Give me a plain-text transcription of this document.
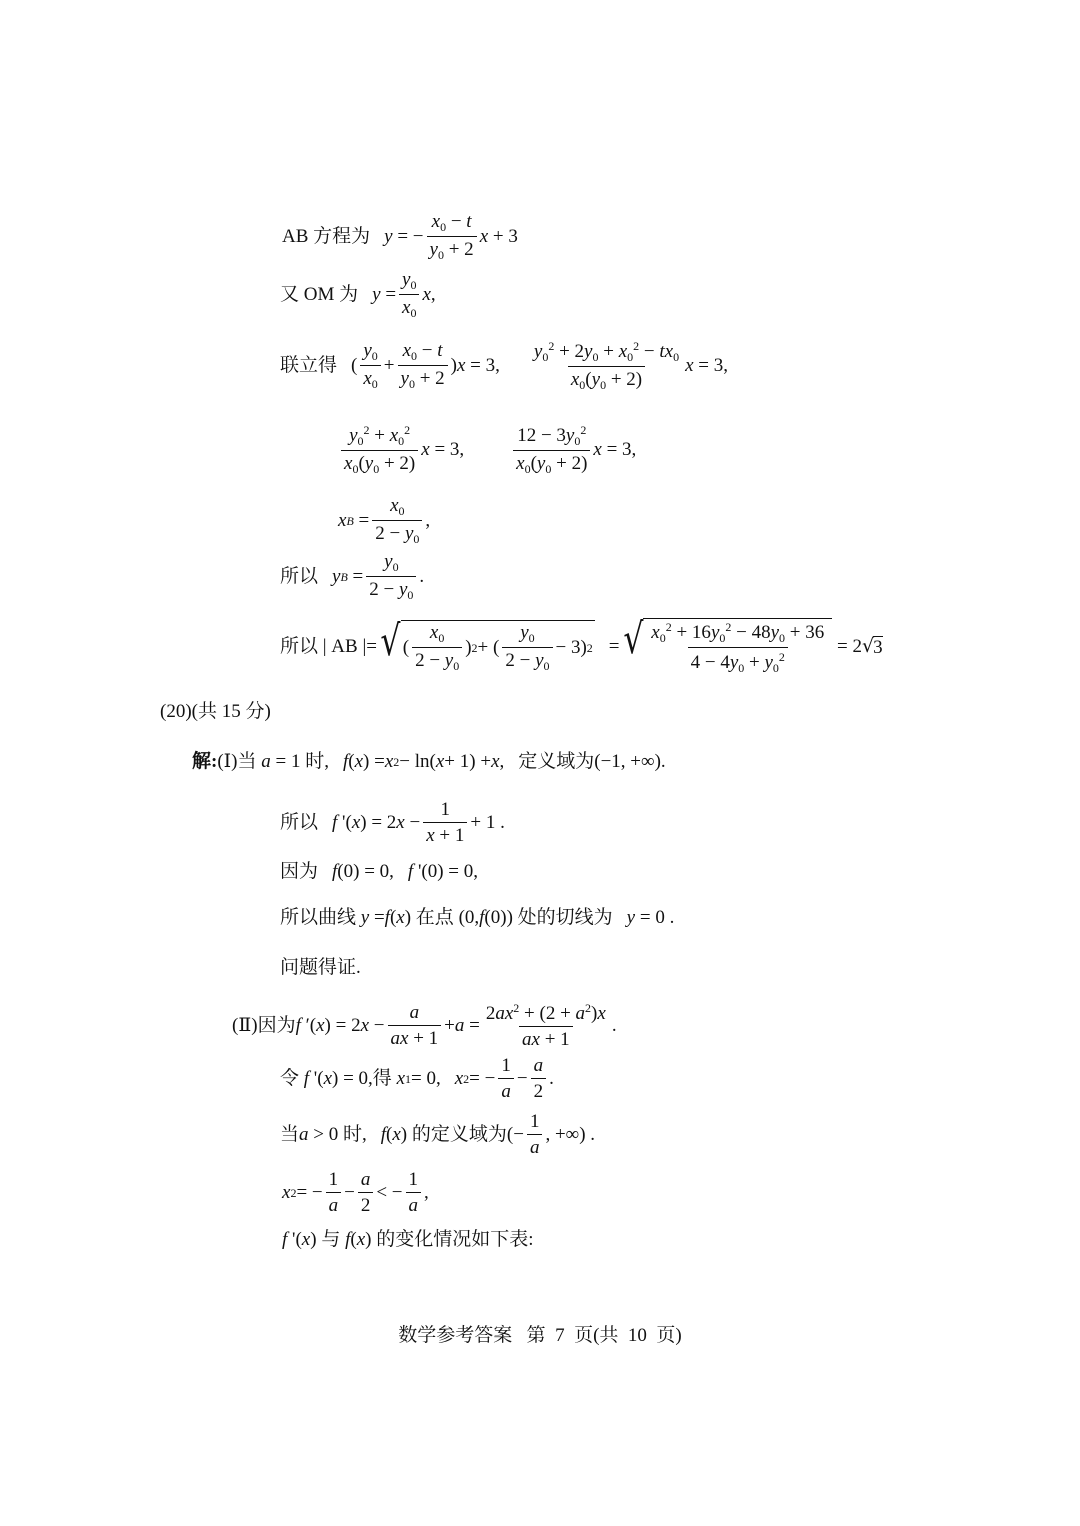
AB 方程为 y = − $\frac{x_0 - t}{y_0 + 2}$ x + 3
又 OM 为 $y = \frac{y_0}{x_0}$ x ,
联立得 ( $\frac{y_0}{x_0} + \frac{x_0 - t}{y_0 + 2}$ ) x = 3, $\frac{y_0^2 + 2y_0 + x_0^2 - tx_0}{x_0(y_0 + 2)}$ x = 3,
$\frac{y_0^2 + x_0^2}{x_0(y_0 + 2)}$ x = 3,	$\frac{12 - 3y_0^2}{x_0(y_0 + 2)}$ x = 3,
x $B = \frac{x_0}{2 - y_0}$ ,
所以 y $B = \frac{y_0}{2 - y_0}$ .
所以 | AB |= √ ( $\frac{x_0}{2 - y_0}$ ) 2 + ( $\frac{y_0}{2 - y_0} - 3$) 2 = √ $\frac{x_0^2 + 16y_0^2 - 48y_0 + 36}{4 - 4y_0 + y_0^2} = 2$ √ 3
(20)(共 15 分)
解: (Ⅰ) 当 a = 1 时, f ( x ) = x 2 − ln( x + 1) + x , 定义域为 (−1, +∞).
所以 f '( x ) = 2 $x - \frac{1}{x + 1} + 1$ .
因为 f (0) = 0, f '(0) = 0,
所以曲线 y = f ( x ) 在点 (0, f (0)) 处的切线为 y = 0 .
问题得证.
(Ⅱ) 因为 f ′( x ) = 2 $x - \frac{a}{ax + 1} + a = \frac{2ax^2 + (2 + a^2)x}{ax + 1}$ .
令
f '( x ) = 0, 得
x 1 = 0, x 2 = − $\frac{1}{a} - \frac{a}{2}$ .
当 a > 0 时, f ( x ) 的定义域为 (− $\frac{1}{a}$ , +∞) .
x 2 = − $\frac{1}{a} - \frac{a}{2}$ < − $\frac{1}{a}$ ,
f '( x ) 与
f ( x ) 的变化情况如下表:
数学参考答案 第 7 页(共 10 页)
